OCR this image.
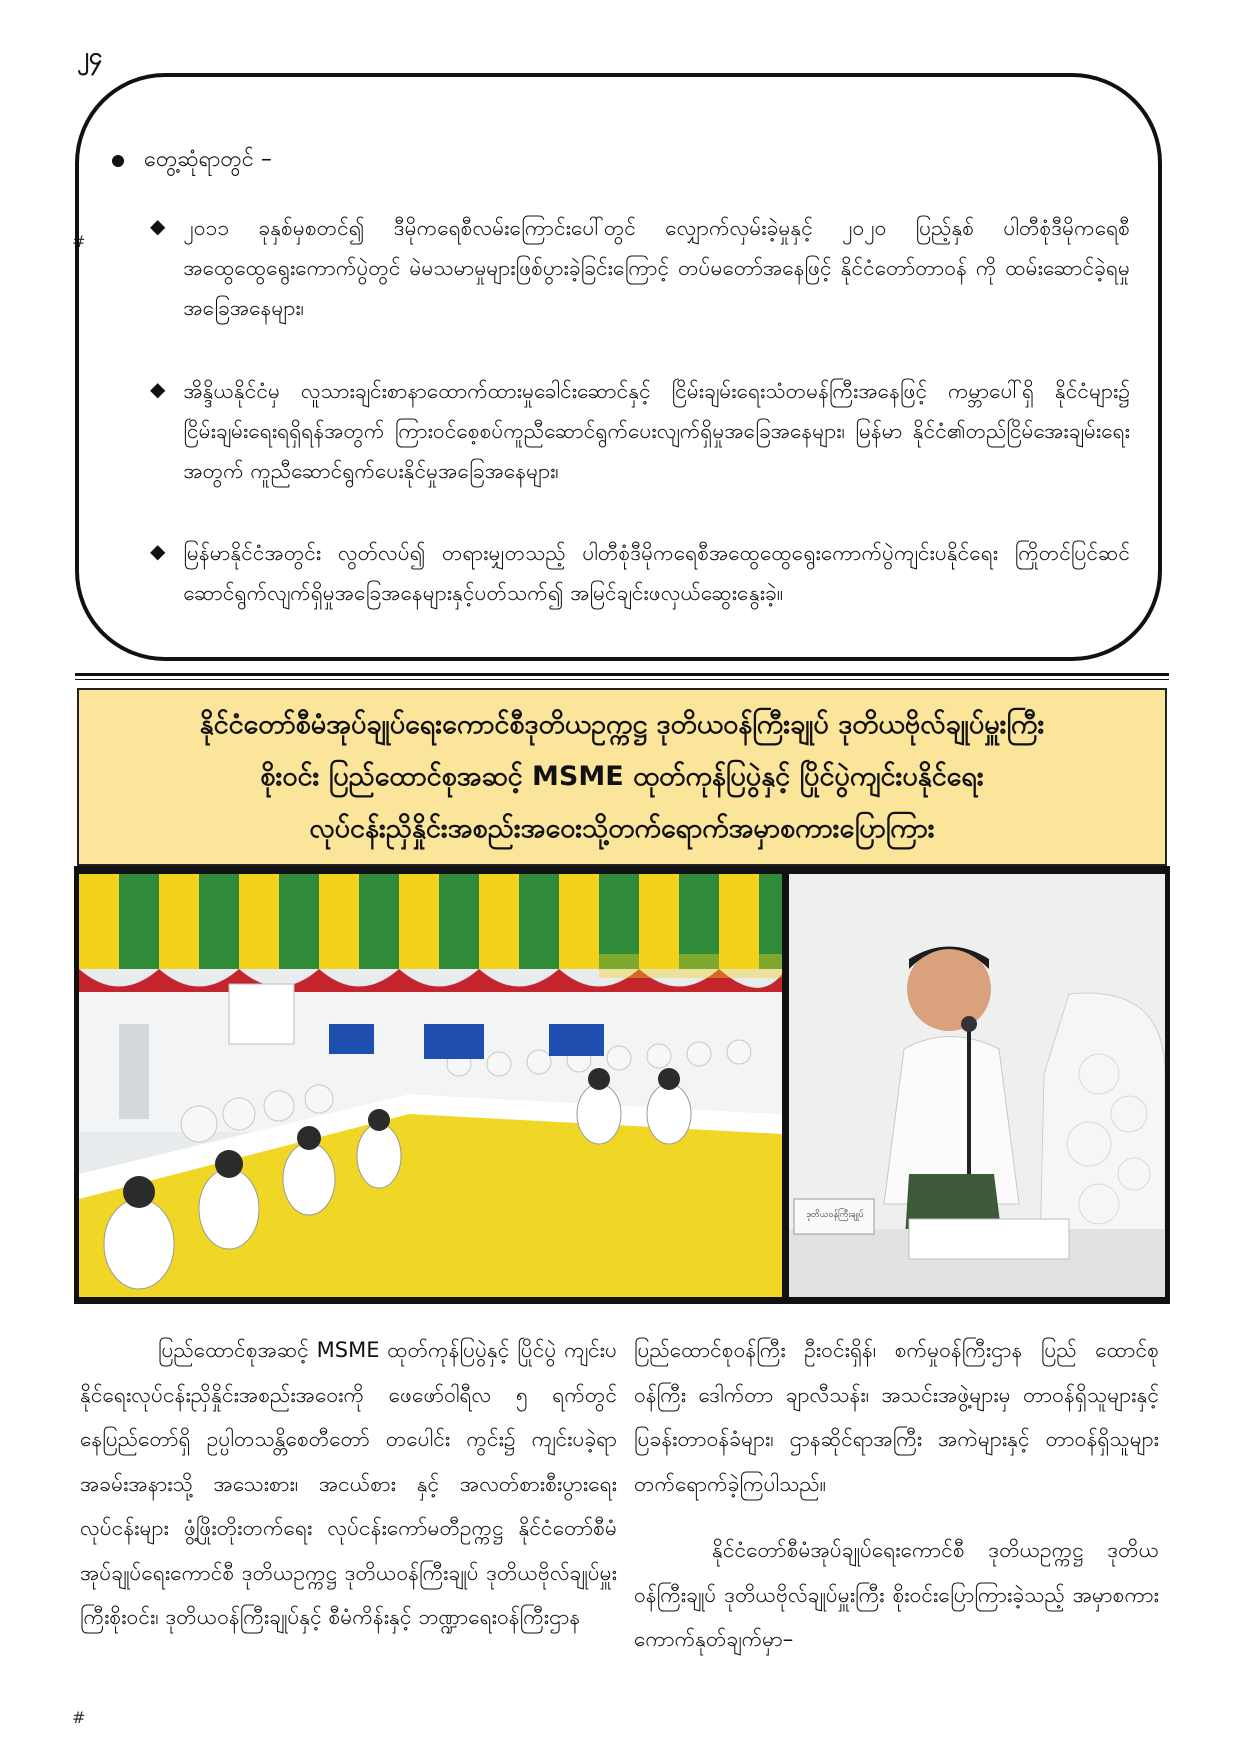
၂၄
#
#
တွေ့ဆုံရာတွင် –
◆ ၂၀၁၁ ခုနှစ်မှစတင်၍ ဒီမိုကရေစီလမ်းကြောင်းပေါ်တွင် လျှောက်လှမ်းခဲ့မှုနှင့် ၂၀၂၀ ပြည့်နှစ် ပါတီစုံဒီမိုကရေစီ အထွေထွေရွေးကောက်ပွဲတွင် မဲမသမာမှုများဖြစ်ပွားခဲ့ခြင်းကြောင့် တပ်မတော်အနေဖြင့် နိုင်ငံတော်တာဝန် ကို ထမ်းဆောင်ခဲ့ရမှုအခြေအနေများ၊
◆ အိန္ဒိယနိုင်ငံမှ လူသားချင်းစာနာထောက်ထားမှုခေါင်းဆောင်နှင့် ငြိမ်းချမ်းရေးသံတမန်ကြီးအနေဖြင့် ကမ္ဘာပေါ်ရှိ နိုင်ငံများ၌ ငြိမ်းချမ်းရေးရရှိရန်အတွက် ကြားဝင်စေ့စပ်ကူညီဆောင်ရွက်ပေးလျက်ရှိမှုအခြေအနေများ၊ မြန်မာ နိုင်ငံ၏တည်ငြိမ်အေးချမ်းရေးအတွက် ကူညီဆောင်ရွက်ပေးနိုင်မှုအခြေအနေများ၊
◆ မြန်မာနိုင်ငံအတွင်း လွတ်လပ်၍ တရားမျှတသည့် ပါတီစုံဒီမိုကရေစီအထွေထွေရွေးကောက်ပွဲကျင်းပနိုင်ရေး ကြိုတင်ပြင်ဆင်ဆောင်ရွက်လျက်ရှိမှုအခြေအနေများနှင့်ပတ်သက်၍ အမြင်ချင်းဖလှယ်ဆွေးနွေးခဲ့။
နိုင်ငံတော်စီမံအုပ်ချုပ်ရေးကောင်စီဒုတိယဥက္ကဋ္ဌ ဒုတိယဝန်ကြီးချုပ် ဒုတိယဗိုလ်ချုပ်မှူးကြီး
စိုးဝင်း ပြည်ထောင်စုအဆင့် MSME ထုတ်ကုန်ပြပွဲနှင့် ပြိုင်ပွဲကျင်းပနိုင်ရေး
လုပ်ငန်းညှိနှိုင်းအစည်းအဝေးသို့တက်ရောက်အမှာစကားပြောကြား
ဒုတိယဝန်ကြီးချုပ်
ပြည်ထောင်စုအဆင့် MSME ထုတ်ကုန်ပြပွဲနှင့် ပြိုင်ပွဲ ကျင်းပနိုင်ရေးလုပ်ငန်းညှိနှိုင်းအစည်းအဝေးကို ဖေဖော်ဝါရီလ ၅ ရက်တွင် နေပြည်တော်ရှိ ဥပ္ပါတသန္တိစေတီတော် တပေါင်း ကွင်း၌ ကျင်းပခဲ့ရာ အခမ်းအနားသို့ အသေးစား၊ အငယ်စား နှင့် အလတ်စားစီးပွားရေးလုပ်ငန်းများ ဖွံ့ဖြိုးတိုးတက်ရေး လုပ်ငန်းကော်မတီဥက္ကဋ္ဌ နိုင်ငံတော်စီမံအုပ်ချုပ်ရေးကောင်စီ ဒုတိယဥက္ကဋ္ဌ ဒုတိယဝန်ကြီးချုပ် ဒုတိယဗိုလ်ချုပ်မှူးကြီးစိုးဝင်း၊ ဒုတိယဝန်ကြီးချုပ်နှင့် စီမံကိန်းနှင့် ဘဏ္ဍာရေးဝန်ကြီးဌာန
ပြည်ထောင်စုဝန်ကြီး ဦးဝင်းရှိန်၊ စက်မှုဝန်ကြီးဌာန ပြည် ထောင်စုဝန်ကြီး ဒေါက်တာ ချာလီသန်း၊ အသင်းအဖွဲ့များမှ တာဝန်ရှိသူများနှင့် ပြခန်းတာဝန်ခံများ၊ ဌာနဆိုင်ရာအကြီး အကဲများနှင့် တာဝန်ရှိသူများ တက်ရောက်ခဲ့ကြပါသည်။
နိုင်ငံတော်စီမံအုပ်ချုပ်ရေးကောင်စီ ဒုတိယဥက္ကဋ္ဌ ဒုတိယ ဝန်ကြီးချုပ် ဒုတိယဗိုလ်ချုပ်မှူးကြီး စိုးဝင်းပြောကြားခဲ့သည့် အမှာစကားကောက်နုတ်ချက်မှာ–
